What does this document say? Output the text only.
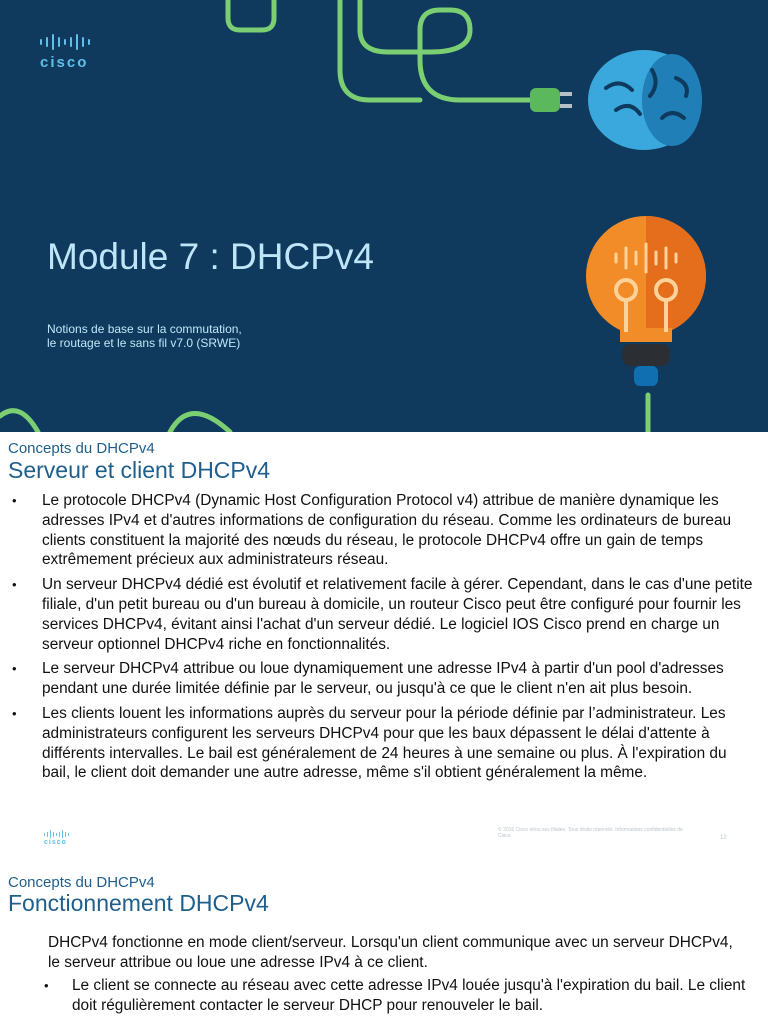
cisco
Module 7 : DHCPv4
Notions de base sur la commutation, le routage et le sans fil v7.0 (SRWE)
Concepts du DHCPv4
Serveur et client DHCPv4
• Le protocole DHCPv4 (Dynamic Host Configuration Protocol v4) attribue de manière dynamique les adresses IPv4 et d'autres informations de configuration du réseau. Comme les ordinateurs de bureau clients constituent la majorité des nœuds du réseau, le protocole DHCPv4 offre un gain de temps extrêmement précieux aux administrateurs réseau.
• Un serveur DHCPv4 dédié est évolutif et relativement facile à gérer. Cependant, dans le cas d'une petite filiale, d'un petit bureau ou d'un bureau à domicile, un routeur Cisco peut être configuré pour fournir les services DHCPv4, évitant ainsi l'achat d'un serveur dédié. Le logiciel IOS Cisco prend en charge un serveur optionnel DHCPv4 riche en fonctionnalités.
• Le serveur DHCPv4 attribue ou loue dynamiquement une adresse IPv4 à partir d'un pool d'adresses pendant une durée limitée définie par le serveur, ou jusqu'à ce que le client n'en ait plus besoin.
• Les clients louent les informations auprès du serveur pour la période définie par l’administrateur. Les administrateurs configurent les serveurs DHCPv4 pour que les baux dépassent le délai d'attente à différents intervalles. Le bail est généralement de 24 heures à une semaine ou plus. À l'expiration du bail, le client doit demander une autre adresse, même s'il obtient généralement la même.
cisco
© 2016 Cisco et/ou ses filiales. Tous droits réservés. Informations confidentielles de Cisco	12
Concepts du DHCPv4
Fonctionnement DHCPv4
DHCPv4 fonctionne en mode client/serveur. Lorsqu'un client communique avec un serveur DHCPv4, le serveur attribue ou loue une adresse IPv4 à ce client.
• Le client se connecte au réseau avec cette adresse IPv4 louée jusqu'à l'expiration du bail. Le client doit régulièrement contacter le serveur DHCP pour renouveler le bail.
